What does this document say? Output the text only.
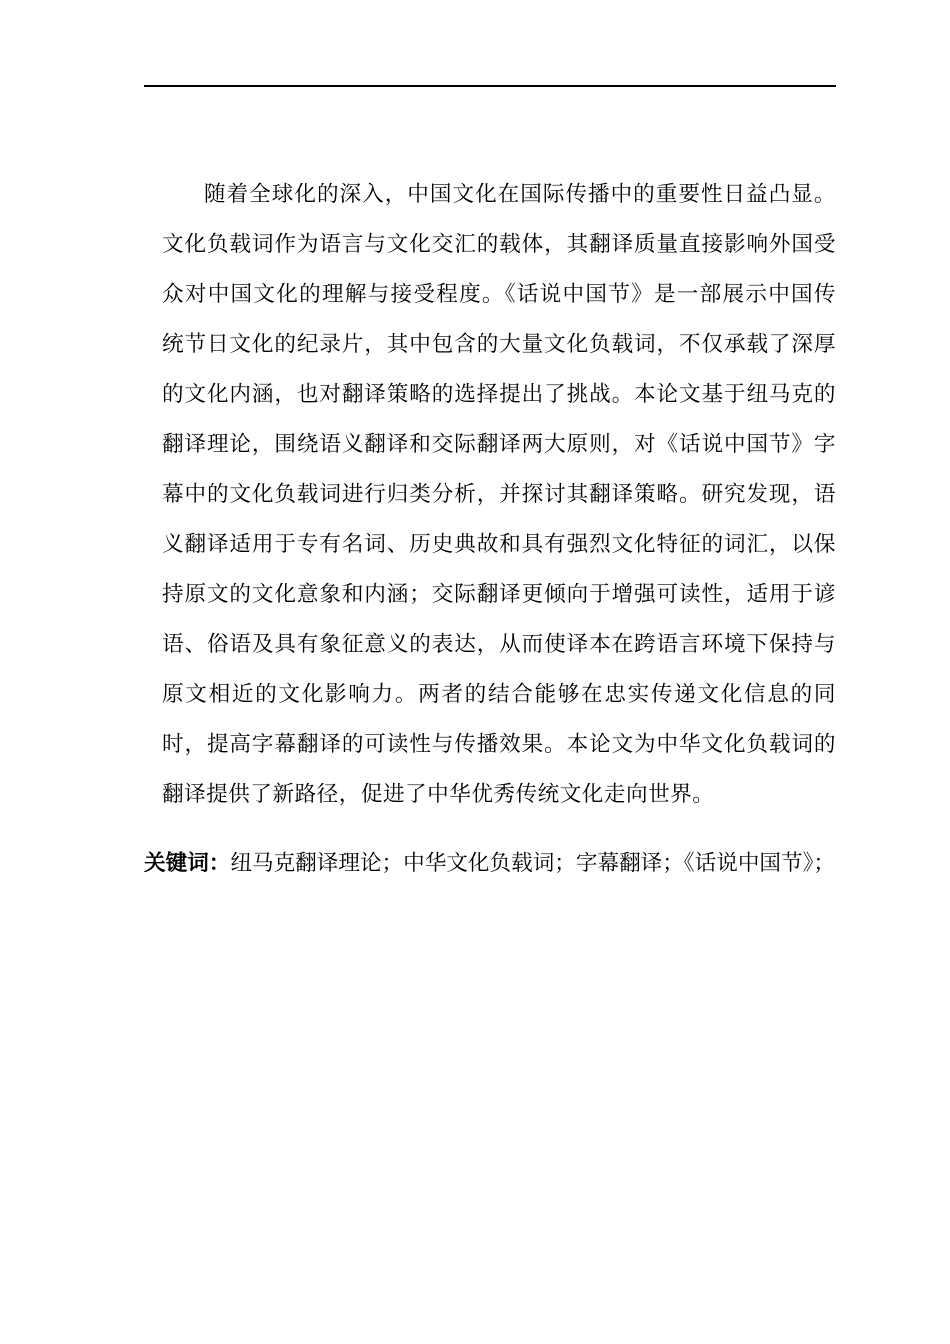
随着全球化的深入，中国文化在国际传播中的重要性日益凸显。文化负载词作为语言与文化交汇的载体，其翻译质量直接影响外国受众对中国文化的理解与接受程度。《话说中国节》是一部展示中国传统节日文化的纪录片，其中包含的大量文化负载词，不仅承载了深厚的文化内涵，也对翻译策略的选择提出了挑战。本论文基于纽马克的翻译理论，围绕语义翻译和交际翻译两大原则，对《话说中国节》字幕中的文化负载词进行归类分析，并探讨其翻译策略。研究发现，语义翻译适用于专有名词、历史典故和具有强烈文化特征的词汇，以保持原文的文化意象和内涵；交际翻译更倾向于增强可读性，适用于谚语、俗语及具有象征意义的表达，从而使译本在跨语言环境下保持与原文相近的文化影响力。两者的结合能够在忠实传递文化信息的同时，提高字幕翻译的可读性与传播效果。本论文为中华文化负载词的翻译提供了新路径，促进了中华优秀传统文化走向世界。

关键词： 纽马克翻译理论；中华文化负载词；字幕翻译；《话说中国节》；
